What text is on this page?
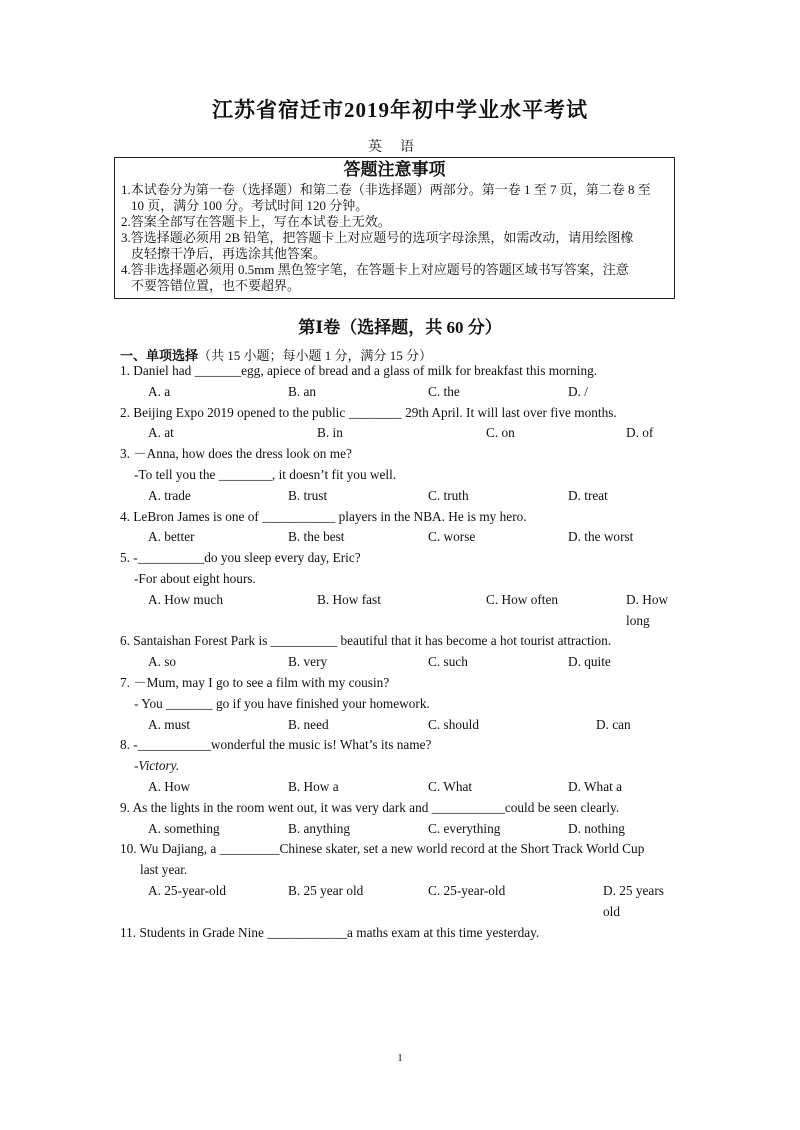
江苏省宿迁市2019年初中学业水平考试
英语
答题注意事项
1.本试卷分为第一卷（选择题）和第二卷（非选择题）两部分。第一卷 1 至 7 页，第二卷 8 至
10 页，满分 100 分。考试时间 120 分钟。
2.答案全部写在答题卡上，写在本试卷上无效。
3.答选择题必须用 2B 铅笔，把答题卡上对应题号的选项字母涂黑，如需改动，请用绘图橡
皮轻擦干净后，再选涂其他答案。
4.答非选择题必须用 0.5mm 黑色签字笔，在答题卡上对应题号的答题区域书写答案，注意
不要答错位置，也不要超界。
第Ⅰ卷（选择题，共 60 分）
一、单项选择（共 15 小题；每小题 1 分，满分 15 分）
1. Daniel had _______egg, apiece of bread and a glass of milk for breakfast this morning.
A. a	B. an	C. the	D. /
2. Beijing Expo 2019 opened to the public ________ 29th April. It will last over five months.
A. at	B. in	C. on	D. of
3. －Anna, how does the dress look on me?
-To tell you the ________, it doesn’t fit you well.
A. trade	B. trust	C. truth	D. treat
4. LeBron James is one of ___________ players in the NBA. He is my hero.
A. better	B. the best	C. worse	D. the worst
5. -__________do you sleep every day, Eric?
-For about eight hours.
A. How much	B. How fast	C. How often	D. How long
6. Santaishan Forest Park is __________ beautiful that it has become a hot tourist attraction.
A. so	B. very	C. such	D. quite
7. －Mum, may I go to see a film with my cousin?
- You _______ go if you have finished your homework.
A. must	B. need	C. should	D. can
8. -___________wonderful the music is! What’s its name?
-Victory.
A. How	B. How a	C. What	D. What a
9. As the lights in the room went out, it was very dark and ___________could be seen clearly.
A. something	B. anything	C. everything	D. nothing
10. Wu Dajiang, a _________Chinese skater, set a new world record at the Short Track World Cup
last year.
A. 25-year-old	B. 25 year old	C. 25-year-old	D. 25 years old
11. Students in Grade Nine ____________a maths exam at this time yesterday.
1
